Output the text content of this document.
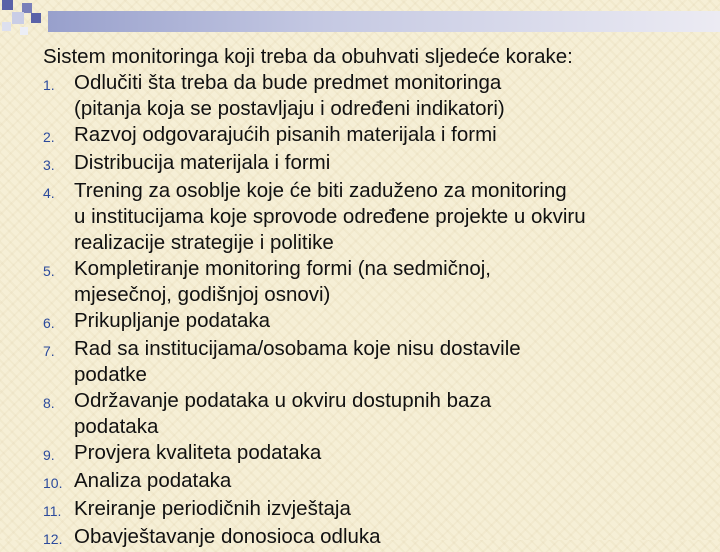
Sistem monitoringa koji treba da obuhvati sljedeće korake:

1. Odlučiti šta treba da bude predmet monitoringa
(pitanja koja se postavljaju i određeni indikatori)
2. Razvoj odgovarajućih pisanih materijala i formi
3. Distribucija materijala i formi
4. Trening za osoblje koje će biti zaduženo za monitoring
u institucijama koje sprovode određene projekte u okviru
realizacije strategije i politike
5. Kompletiranje monitoring formi (na sedmičnoj,
mjesečnoj, godišnjoj osnovi)
6. Prikupljanje podataka
7. Rad sa institucijama/osobama koje nisu dostavile
podatke
8. Održavanje podataka u okviru dostupnih baza
podataka
9. Provjera kvaliteta podataka
10. Analiza podataka
11. Kreiranje periodičnih izvještaja
12. Obavještavanje donosioca odluka
